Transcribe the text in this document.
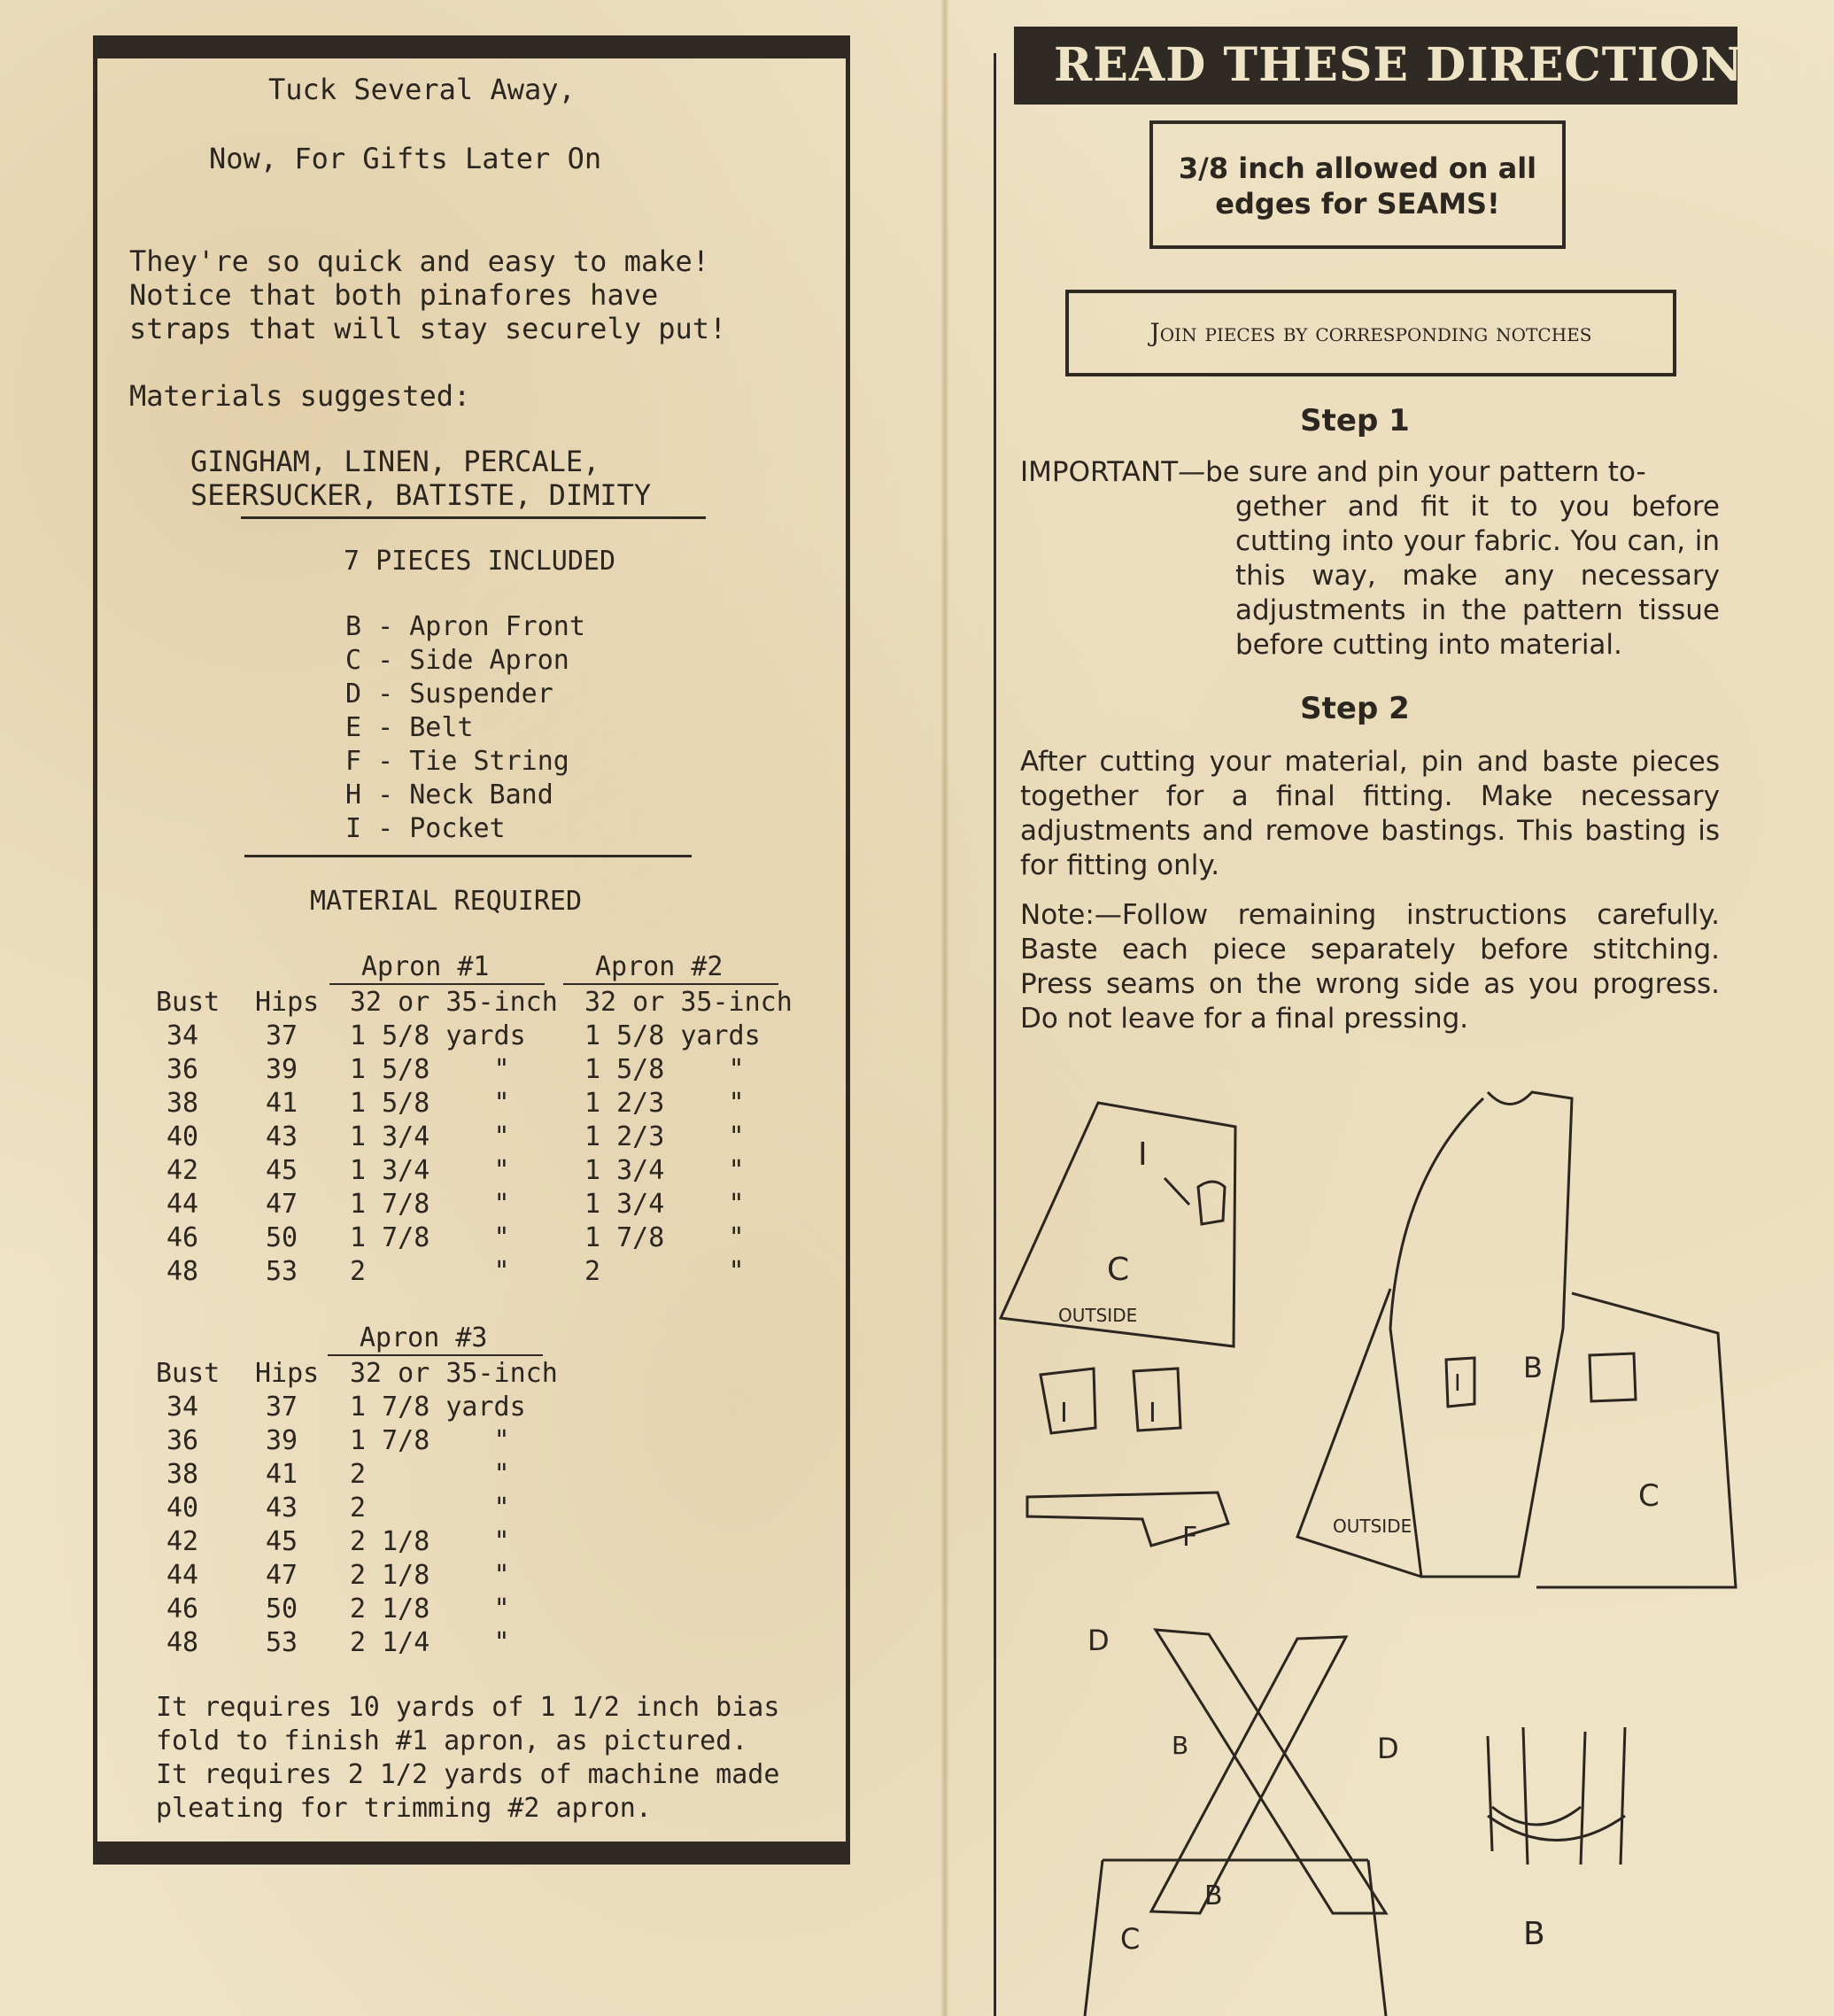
Tuck Several Away,
Now, For Gifts Later On
They're so quick and easy to make!
Notice that both pinafores have
straps that will stay securely put!
Materials suggested:
GINGHAM, LINEN, PERCALE,
SEERSUCKER, BATISTE, DIMITY
7 PIECES INCLUDED
B - Apron Front
C - Side Apron
D - Suspender
E - Belt
F - Tie String
H - Neck Band
I - Pocket
MATERIAL REQUIRED
Apron #1	Apron #2
Bust	Hips	32 or 35-inch	32 or 35-inch
34	37	1 5/8 yards	1 5/8 yards
36	39	1 5/8    "	1 5/8    "
38	41	1 5/8    "	1 2/3    "
40	43	1 3/4    "	1 2/3    "
42	45	1 3/4    "	1 3/4    "
44	47	1 7/8    "	1 3/4    "
46	50	1 7/8    "	1 7/8    "
48	53	2        "	2        "
Apron #3
Bust	Hips	32 or 35-inch
34	37	1 7/8 yards
36	39	1 7/8    "
38	41	2        "
40	43	2        "
42	45	2 1/8    "
44	47	2 1/8    "
46	50	2 1/8    "
48	53	2 1/4    "
It requires 10 yards of 1 1/2 inch bias
fold to finish #1 apron, as pictured.
It requires 2 1/2 yards of machine made
pleating for trimming #2 apron.
READ THESE DIRECTIONS B
3/8 inch allowed on all
edges for SEAMS!
Join pieces by corresponding notches
Step 1
IMPORTANT—be sure and pin your pattern to-
gether and fit it to you before cutting into your fabric. You can, in this way, make any necessary adjustments in the pattern tissue before cutting into material.
Step 2
After cutting your material, pin and baste pieces together for a final fitting. Make necessary adjustments and remove bastings. This basting is for fitting only.
Note:—Follow remaining instructions carefully. Baste each piece separately before stitching. Press seams on the wrong side as you progress. Do not leave for a final pressing.
I
C
OUTSIDE
I	I
F
B
I
C
OUTSIDE
D
B
B
C
D
B
